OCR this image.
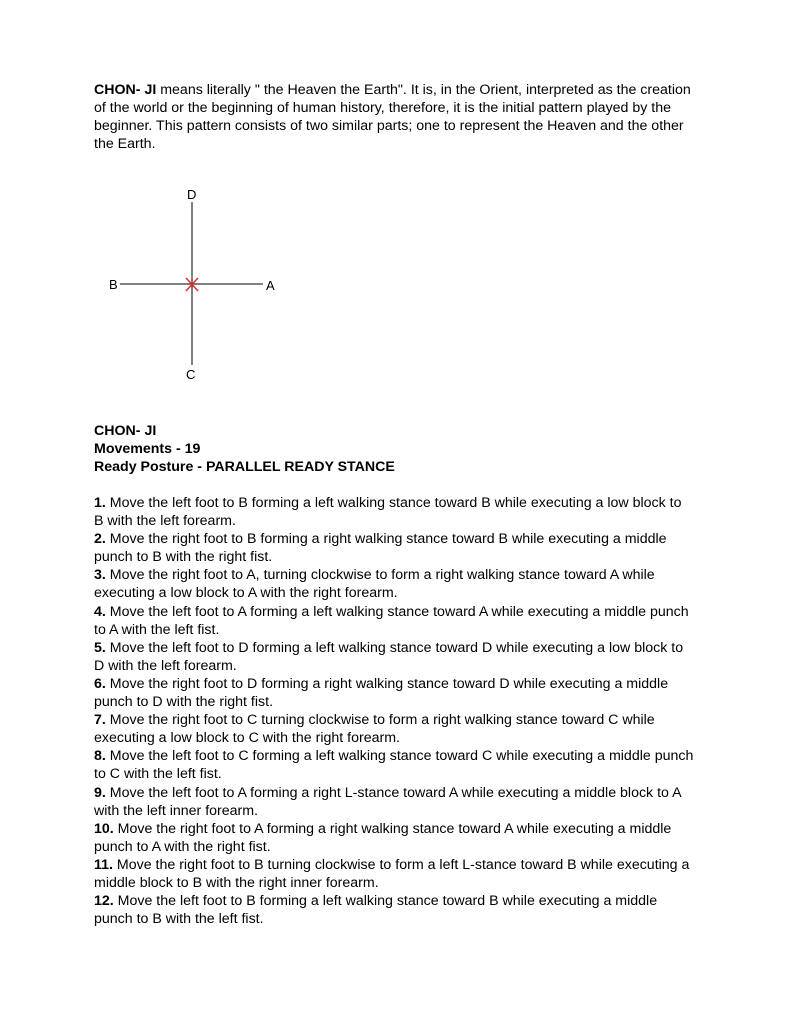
CHON- JI means literally " the Heaven the Earth". It is, in the Orient, interpreted as the creation of the world or the beginning of human history, therefore, it is the initial pattern played by the beginner. This pattern consists of two similar parts; one to represent the Heaven and the other the Earth.

D
C
B	A
CHON- JI
Movements - 19
Ready Posture - PARALLEL READY STANCE
1. Move the left foot to B forming a left walking stance toward B while executing a low block to B with the left forearm.
2. Move the right foot to B forming a right walking stance toward B while executing a middle punch to B with the right fist.
3. Move the right foot to A, turning clockwise to form a right walking stance toward A while executing a low block to A with the right forearm.
4. Move the left foot to A forming a left walking stance toward A while executing a middle punch to A with the left fist.
5. Move the left foot to D forming a left walking stance toward D while executing a low block to D with the left forearm.
6. Move the right foot to D forming a right walking stance toward D while executing a middle punch to D with the right fist.
7. Move the right foot to C turning clockwise to form a right walking stance toward C while executing a low block to C with the right forearm.
8. Move the left foot to C forming a left walking stance toward C while executing a middle punch to C with the left fist.
9. Move the left foot to A forming a right L-stance toward A while executing a middle block to A with the left inner forearm.
10. Move the right foot to A forming a right walking stance toward A while executing a middle punch to A with the right fist.
11. Move the right foot to B turning clockwise to form a left L-stance toward B while executing a middle block to B with the right inner forearm.
12. Move the left foot to B forming a left walking stance toward B while executing a middle punch to B with the left fist.
